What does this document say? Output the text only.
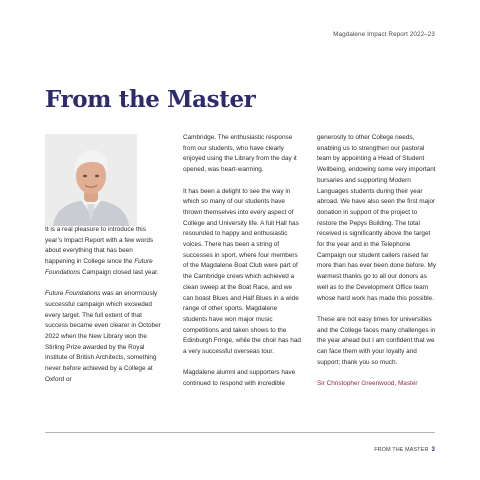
Magdalene Impact Report 2022–23
From the Master

It is a real pleasure to introduce this year’s Impact Report with a few words about everything that has been happening in College since the Future Foundations Campaign closed last year.

Future Foundations was an enormously successful campaign which exceeded every target. The full extent of that success became even clearer in October 2022 when the New Library won the Stirling Prize awarded by the Royal Institute of British Architects, something never before achieved by a College at Oxford or

Cambridge. The enthusiastic response from our students, who have clearly enjoyed using the Library from the day it opened, was heart-warming.

It has been a delight to see the way in which so many of our students have thrown themselves into every aspect of College and University life. A full Hall has resounded to happy and enthusiastic voices. There has been a string of successes in sport, where four members of the Magdalene Boat Club were part of the Cambridge crews which achieved a clean sweep at the Boat Race, and we can boast Blues and Half Blues in a wide range of other sports. Magdalene students have won major music competitions and taken shows to the Edinburgh Fringe, while the choir has had a very successful overseas tour.

Magdalene alumni and supporters have continued to respond with incredible

generosity to other College needs, enabling us to strengthen our pastoral team by appointing a Head of Student Wellbeing, endowing some very important bursaries and supporting Modern Languages students during their year abroad. We have also seen the first major donation in support of the project to restore the Pepys Building. The total received is significantly above the target for the year and in the Telephone Campaign our student callers raised far more than has ever been done before. My warmest thanks go to all our donors as well as to the Development Office team whose hard work has made this possible.

These are not easy times for universities and the College faces many challenges in the year ahead but I am confident that we can face them with your loyalty and support; thank you so much.

Sir Christopher Greenwood, Master

FROM THE MASTER 3
